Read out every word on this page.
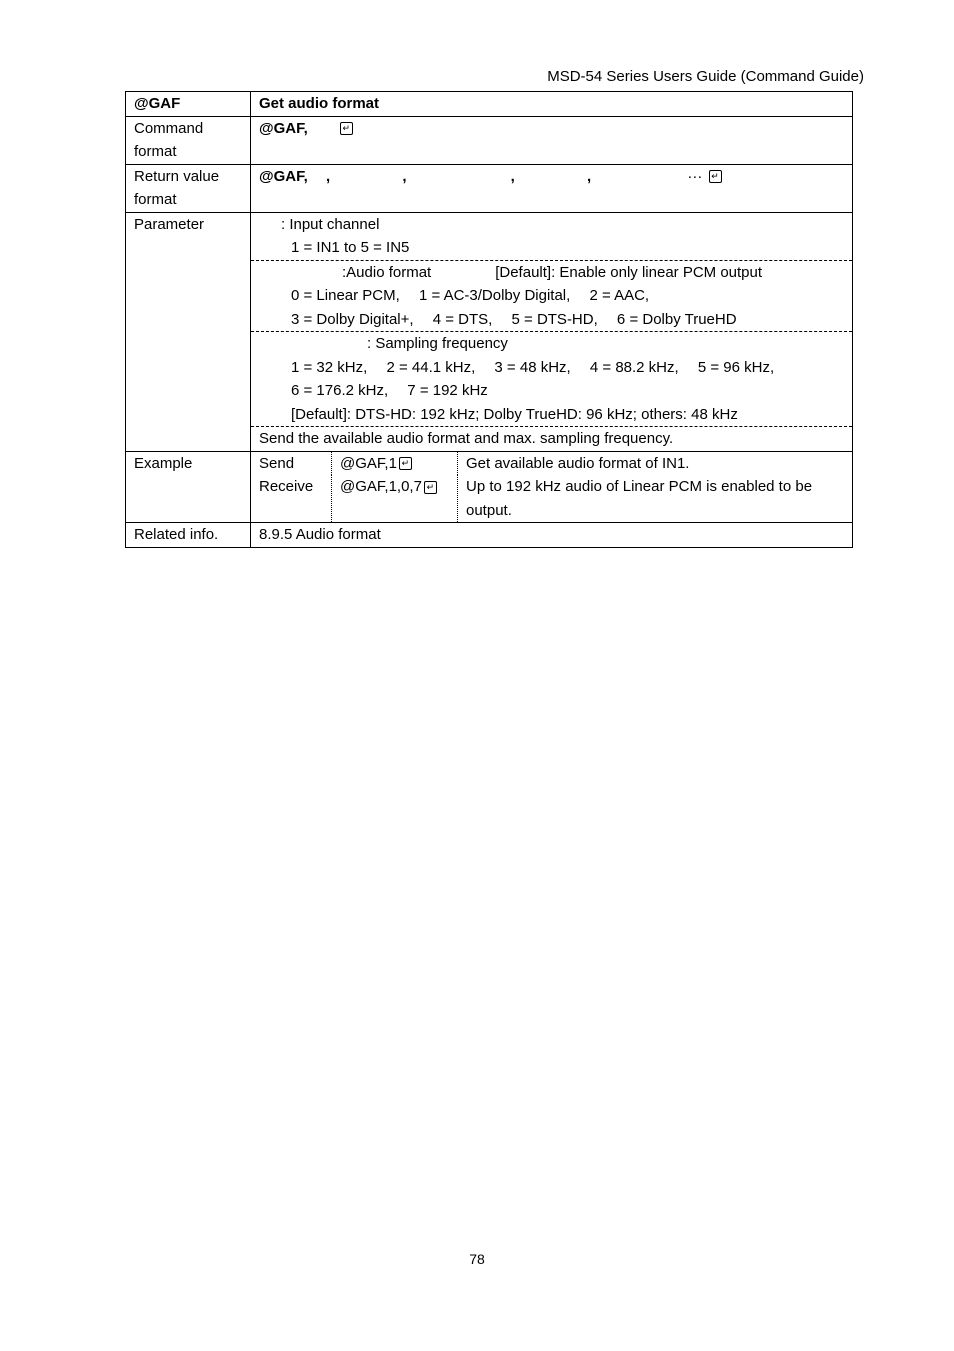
MSD-54 Series Users Guide (Command Guide)
@GAF	Get audio format
Command format	@GAF,	↵
Return value format	@GAF, ,	,	,	,	··· ↵
Parameter	: Input channel
1 = IN1 to 5 = IN5

:Audio format	[Default]: Enable only linear PCM output
0 = Linear PCM,　 1 = AC-3/Dolby Digital,　 2 = AAC,
3 = Dolby Digital+,　 4 = DTS,　 5 = DTS-HD,　 6 = Dolby TrueHD

: Sampling frequency
1 = 32 kHz,　 2 = 44.1 kHz,　 3 = 48 kHz,　 4 = 88.2 kHz,　 5 = 96 kHz,
6 = 176.2 kHz,　 7 = 192 kHz
[Default]: DTS-HD: 192 kHz; Dolby TrueHD: 96 kHz; others: 48 kHz

Send the available audio format and max. sampling frequency.
Example		Send	@GAF,1 ↵	Get available audio format of IN1.
Receive	@GAF,1,0,7 ↵	Up to 192 kHz audio of Linear PCM is enabled to be output.

Related info.	8.9.5 Audio format
78
